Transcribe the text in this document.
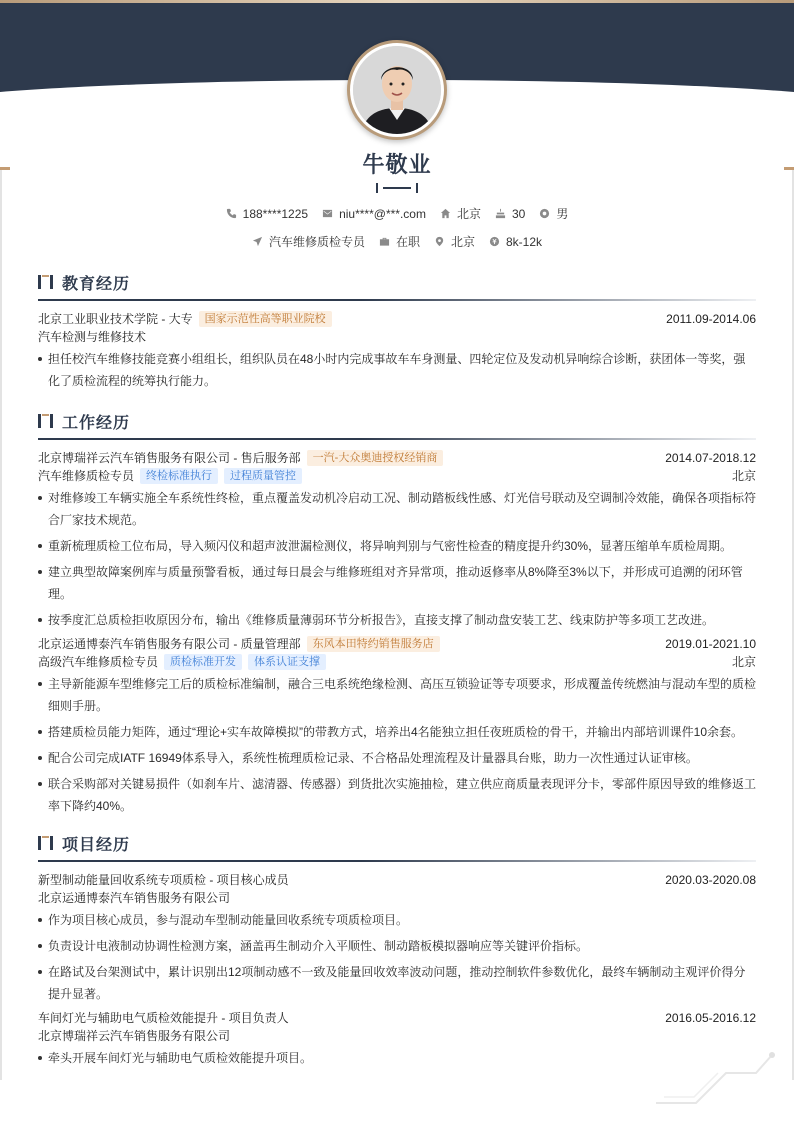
牛敬业
188****1225	niu****@***.com	北京	30	男
汽车维修质检专员	在职	北京	8k-12k
教育经历
北京工业职业技术学院 - 大专	国家示范性高等职业院校	2011.09-2014.06
汽车检测与维修技术
担任校汽车维修技能竞赛小组组长，组织队员在48小时内完成事故车车身测量、四轮定位及发动机异响综合诊断，获团体一等奖，强化了质检流程的统筹执行能力。
工作经历
北京博瑞祥云汽车销售服务有限公司 - 售后服务部	一汽-大众奥迪授权经销商	2014.07-2018.12
汽车维修质检专员	终检标准执行	过程质量管控	北京
对维修竣工车辆实施全车系统性终检，重点覆盖发动机冷启动工况、制动踏板线性感、灯光信号联动及空调制冷效能，确保各项指标符合厂家技术规范。
重新梳理质检工位布局，导入频闪仪和超声波泄漏检测仪，将异响判别与气密性检查的精度提升约30%，显著压缩单车质检周期。
建立典型故障案例库与质量预警看板，通过每日晨会与维修班组对齐异常项，推动返修率从8%降至3%以下，并形成可追溯的闭环管理。
按季度汇总质检拒收原因分布，输出《维修质量薄弱环节分析报告》，直接支撑了制动盘安装工艺、线束防护等多项工艺改进。
北京运通博泰汽车销售服务有限公司 - 质量管理部	东风本田特约销售服务店	2019.01-2021.10
高级汽车维修质检专员	质检标准开发	体系认证支撑	北京
主导新能源车型维修完工后的质检标准编制，融合三电系统绝缘检测、高压互锁验证等专项要求，形成覆盖传统燃油与混动车型的质检细则手册。
搭建质检员能力矩阵，通过“理论+实车故障模拟”的带教方式，培养出4名能独立担任夜班质检的骨干，并输出内部培训课件10余套。
配合公司完成IATF 16949体系导入，系统性梳理质检记录、不合格品处理流程及计量器具台账，助力一次性通过认证审核。
联合采购部对关键易损件（如刹车片、滤清器、传感器）到货批次实施抽检，建立供应商质量表现评分卡，零部件原因导致的维修返工率下降约40%。
项目经历
新型制动能量回收系统专项质检 - 项目核心成员	2020.03-2020.08
北京运通博泰汽车销售服务有限公司
作为项目核心成员，参与混动车型制动能量回收系统专项质检项目。
负责设计电液制动协调性检测方案，涵盖再生制动介入平顺性、制动踏板模拟器响应等关键评价指标。
在路试及台架测试中，累计识别出12项制动感不一致及能量回收效率波动问题，推动控制软件参数优化，最终车辆制动主观评价得分提升显著。
车间灯光与辅助电气质检效能提升 - 项目负责人	2016.05-2016.12
北京博瑞祥云汽车销售服务有限公司
牵头开展车间灯光与辅助电气质检效能提升项目。
